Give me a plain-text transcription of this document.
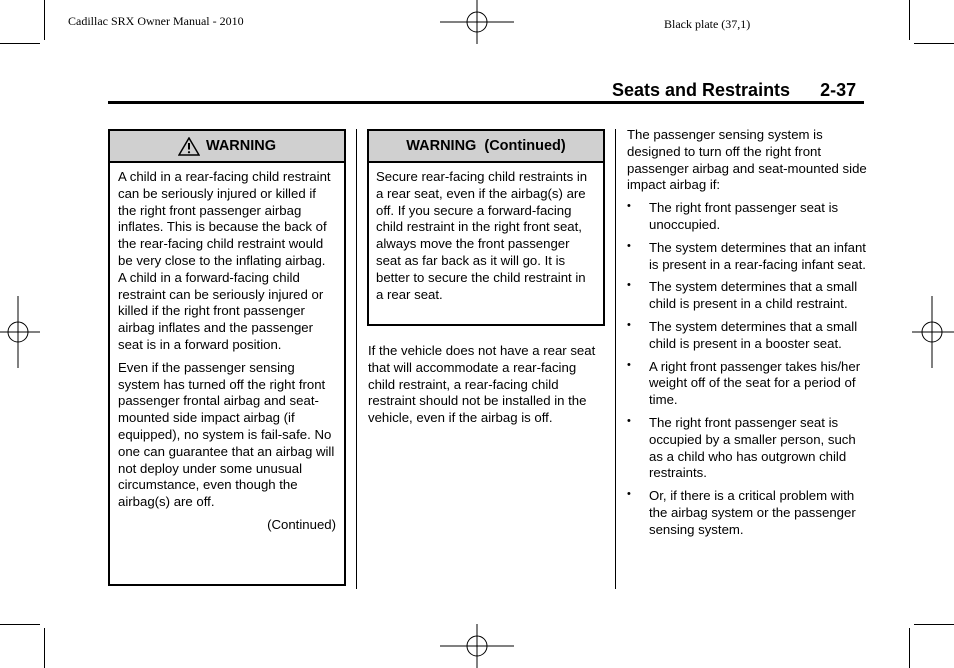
Cadillac SRX Owner Manual - 2010	Black plate (37,1)
Seats and Restraints 2-37
WARNING

A child in a rear-facing child restraint can be seriously injured or killed if the right front passenger airbag inflates. This is because the back of the rear-facing child restraint would be very close to the inflating airbag. A child in a forward-facing child restraint can be seriously injured or killed if the right front passenger airbag inflates and the passenger seat is in a forward position.

Even if the passenger sensing system has turned off the right front passenger frontal airbag and seat-mounted side impact airbag (if equipped), no system is fail-safe. No one can guarantee that an airbag will not deploy under some unusual circumstance, even though the airbag(s) are off.

(Continued)
WARNING  (Continued)

Secure rear-facing child restraints in a rear seat, even if the airbag(s) are off. If you secure a forward-facing child restraint in the right front seat, always move the front passenger seat as far back as it will go. It is better to secure the child restraint in a rear seat.

If the vehicle does not have a rear seat that will accommodate a rear-facing child restraint, a rear-facing child restraint should not be installed in the vehicle, even if the airbag is off.

The passenger sensing system is designed to turn off the right front passenger airbag and seat-mounted side impact airbag if:

• The right front passenger seat is unoccupied.
• The system determines that an infant is present in a rear-facing infant seat.
• The system determines that a small child is present in a child restraint.
• The system determines that a small child is present in a booster seat.
• A right front passenger takes his/her weight off of the seat for a period of time.
• The right front passenger seat is occupied by a smaller person, such as a child who has outgrown child restraints.
• Or, if there is a critical problem with the airbag system or the passenger sensing system.
